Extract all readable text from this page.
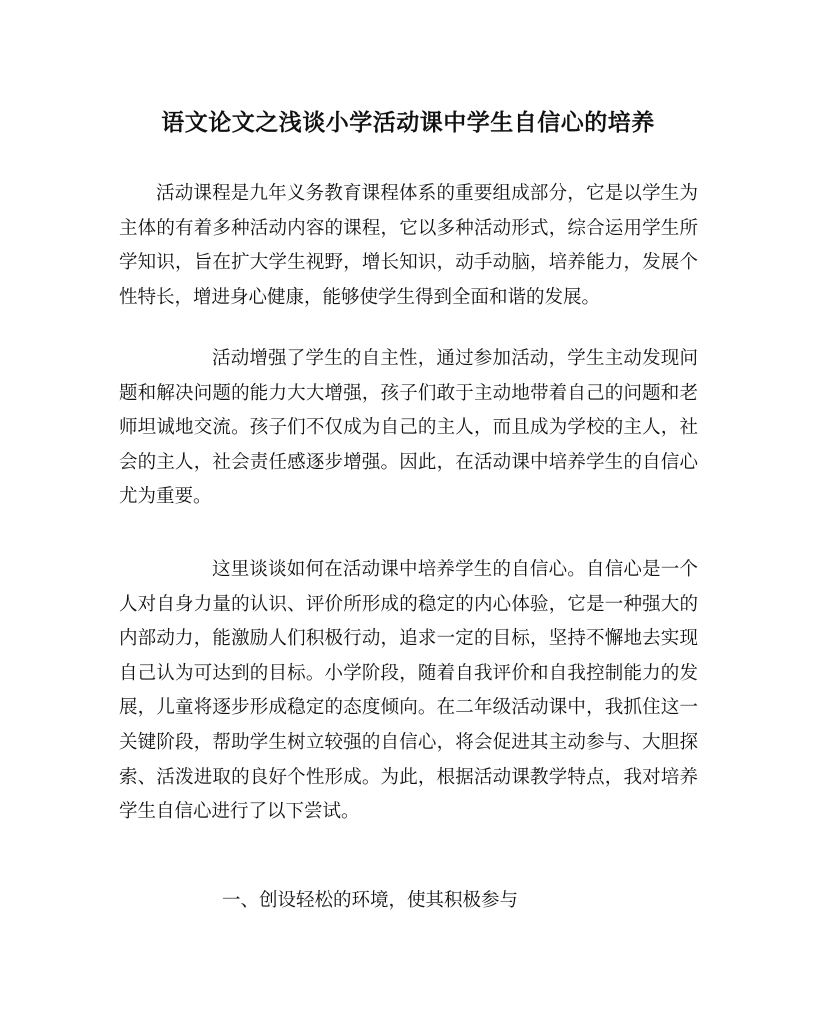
语文论文之浅谈小学活动课中学生自信心的培养

活动课程是九年义务教育课程体系的重要组成部分，它是以学生为主体的有着多种活动内容的课程，它以多种活动形式，综合运用学生所学知识，旨在扩大学生视野，增长知识，动手动脑，培养能力，发展个性特长，增进身心健康，能够使学生得到全面和谐的发展。

活动增强了学生的自主性，通过参加活动，学生主动发现问题和解决问题的能力大大增强，孩子们敢于主动地带着自己的问题和老师坦诚地交流。孩子们不仅成为自己的主人，而且成为学校的主人，社会的主人，社会责任感逐步增强。因此，在活动课中培养学生的自信心尤为重要。

这里谈谈如何在活动课中培养学生的自信心。自信心是一个人对自身力量的认识、评价所形成的稳定的内心体验，它是一种强大的内部动力，能激励人们积极行动，追求一定的目标，坚持不懈地去实现自己认为可达到的目标。小学阶段，随着自我评价和自我控制能力的发展，儿童将逐步形成稳定的态度倾向。在二年级活动课中，我抓住这一关键阶段，帮助学生树立较强的自信心，将会促进其主动参与、大胆探索、活泼进取的良好个性形成。为此，根据活动课教学特点，我对培养学生自信心进行了以下尝试。

一、创设轻松的环境，使其积极参与
